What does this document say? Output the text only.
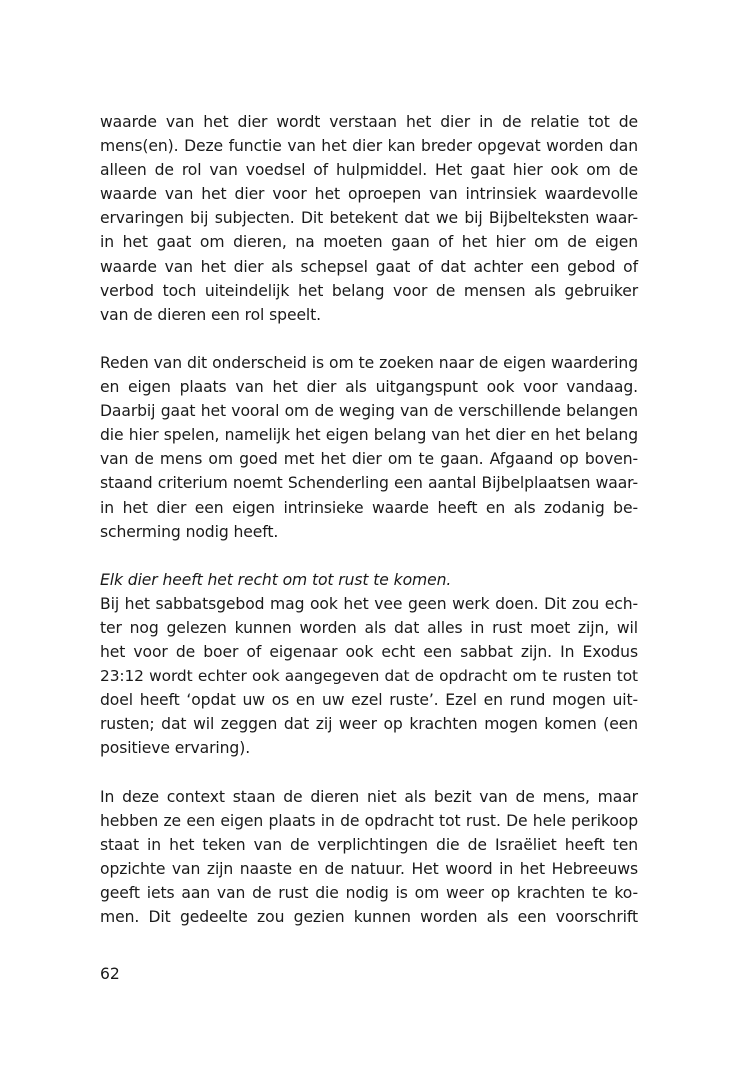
waarde van het dier wordt verstaan het dier in de relatie tot de
mens(en). Deze functie van het dier kan breder opgevat worden dan
alleen de rol van voedsel of hulpmiddel. Het gaat hier ook om de
waarde van het dier voor het oproepen van intrinsiek waardevolle
ervaringen bij subjecten. Dit betekent dat we bij Bijbelteksten waar-
in het gaat om dieren, na moeten gaan of het hier om de eigen
waarde van het dier als schepsel gaat of dat achter een gebod of
verbod toch uiteindelijk het belang voor de mensen als gebruiker
van de dieren een rol speelt.
Reden van dit onderscheid is om te zoeken naar de eigen waardering
en eigen plaats van het dier als uitgangspunt ook voor vandaag.
Daarbij gaat het vooral om de weging van de verschillende belangen
die hier spelen, namelijk het eigen belang van het dier en het belang
van de mens om goed met het dier om te gaan. Afgaand op boven-
staand criterium noemt Schenderling een aantal Bijbelplaatsen waar-
in het dier een eigen intrinsieke waarde heeft en als zodanig be-
scherming nodig heeft.
Elk dier heeft het recht om tot rust te komen.
Bij het sabbatsgebod mag ook het vee geen werk doen. Dit zou ech-
ter nog gelezen kunnen worden als dat alles in rust moet zijn, wil
het voor de boer of eigenaar ook echt een sabbat zijn. In Exodus
23:12 wordt echter ook aangegeven dat de opdracht om te rusten tot
doel heeft ‘opdat uw os en uw ezel ruste’. Ezel en rund mogen uit-
rusten; dat wil zeggen dat zij weer op krachten mogen komen (een
positieve ervaring).
In deze context staan de dieren niet als bezit van de mens, maar
hebben ze een eigen plaats in de opdracht tot rust. De hele perikoop
staat in het teken van de verplichtingen die de Israëliet heeft ten
opzichte van zijn naaste en de natuur. Het woord in het Hebreeuws
geeft iets aan van de rust die nodig is om weer op krachten te ko-
men. Dit gedeelte zou gezien kunnen worden als een voorschrift
62
